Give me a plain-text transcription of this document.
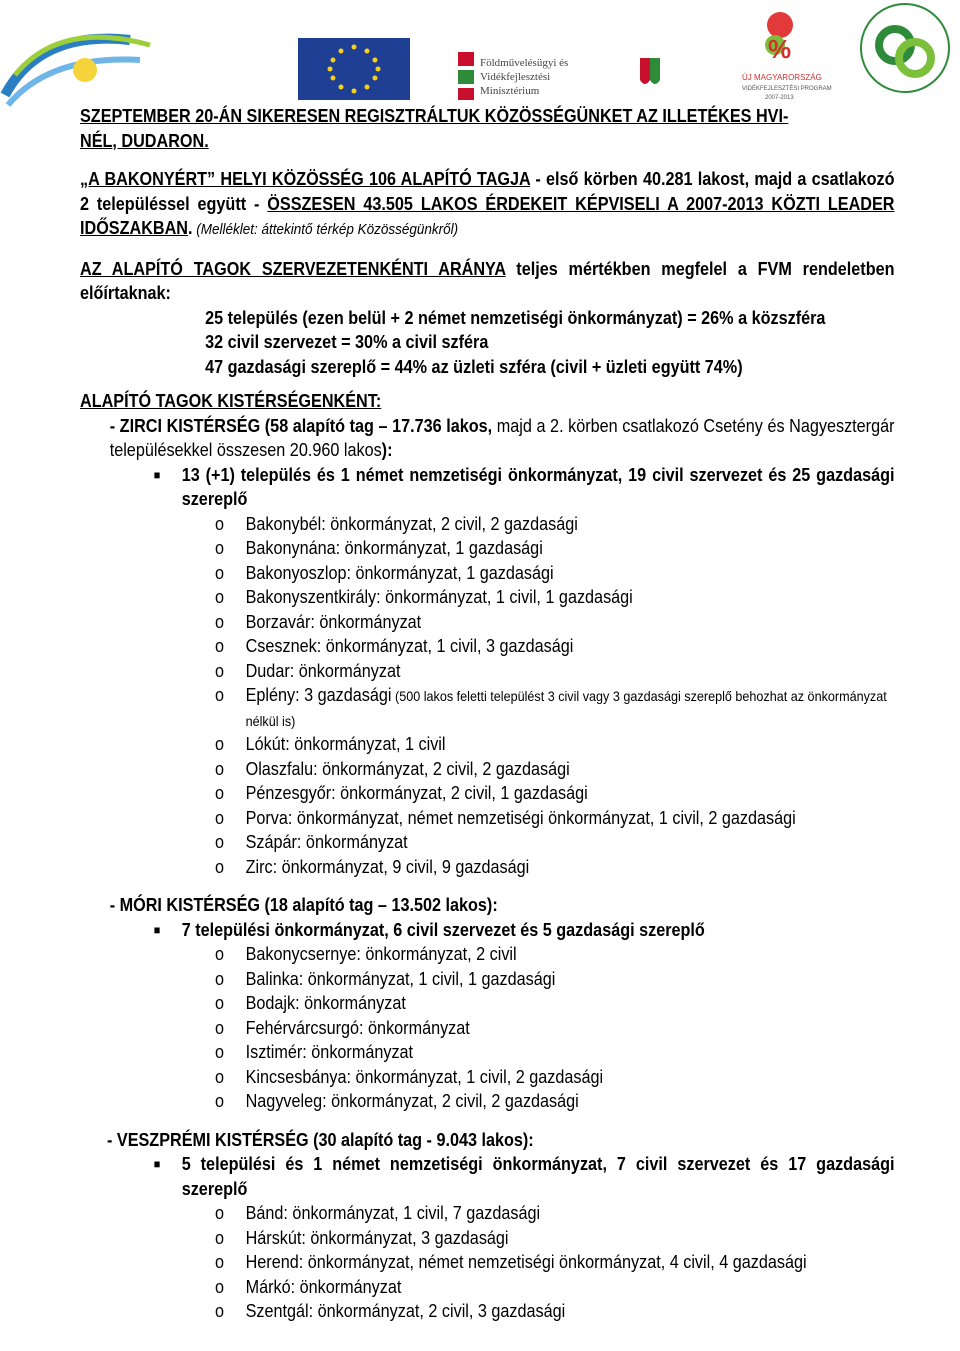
Földművelésügyi és
Vidékfejlesztési
Minisztérium
%
ÚJ MAGYARORSZÁG
VIDÉKFEJLESZTÉSI PROGRAM
2007-2013

SZEPTEMBER 20-ÁN SIKERESEN REGISZTRÁLTUK KÖZÖSSÉGÜNKET AZ ILLETÉKES HVI-

NÉL, DUDARON.

„A BAKONYÉRT” HELYI KÖZÖSSÉG 106 ALAPÍTÓ TAGJA - első körben 40.281 lakost, majd a csatlakozó 2 településsel együtt - ÖSSZESEN 43.505 LAKOS ÉRDEKEIT KÉPVISELI A 2007-2013 KÖZTI LEADER IDŐSZAKBAN. (Melléklet: áttekintő térkép Közösségünkről)

AZ ALAPÍTÓ TAGOK SZERVEZETENKÉNTI ARÁNYA teljes mértékben megfelel a FVM rendeletben előírtaknak:

25 település (ezen belül + 2 német nemzetiségi önkormányzat) = 26% a közszféra

32 civil szervezet = 30% a civil szféra

47 gazdasági szereplő = 44% az üzleti szféra (civil + üzleti együtt 74%)

ALAPÍTÓ TAGOK KISTÉRSÉGENKÉNT:

- ZIRCI KISTÉRSÉG (58 alapító tag – 17.736 lakos, majd a 2. körben csatlakozó Csetény és Nagyesztergár településekkel összesen 20.960 lakos):

■ 13 (+1) település és 1 német nemzetiségi önkormányzat, 19 civil szervezet és 25 gazdasági szereplő
o Bakonybél: önkormányzat, 2 civil, 2 gazdasági
o Bakonynána: önkormányzat, 1 gazdasági
o Bakonyoszlop: önkormányzat, 1 gazdasági
o Bakonyszentkirály: önkormányzat, 1 civil, 1 gazdasági
o Borzavár: önkormányzat
o Csesznek: önkormányzat, 1 civil, 3 gazdasági
o Dudar: önkormányzat
o Eplény: 3 gazdasági (500 lakos feletti települést 3 civil vagy 3 gazdasági szereplő behozhat az önkormányzat nélkül is)
o Lókút: önkormányzat, 1 civil
o Olaszfalu: önkormányzat, 2 civil, 2 gazdasági
o Pénzesgyőr: önkormányzat, 2 civil, 1 gazdasági
o Porva: önkormányzat, német nemzetiségi önkormányzat, 1 civil, 2 gazdasági
o Szápár: önkormányzat
o Zirc: önkormányzat, 9 civil, 9 gazdasági

- MÓRI KISTÉRSÉG (18 alapító tag – 13.502 lakos):

■ 7 települési önkormányzat, 6 civil szervezet és 5 gazdasági szereplő
o Bakonycsernye: önkormányzat, 2 civil
o Balinka: önkormányzat, 1 civil, 1 gazdasági
o Bodajk: önkormányzat
o Fehérvárcsurgó: önkormányzat
o Isztimér: önkormányzat
o Kincsesbánya: önkormányzat, 1 civil, 2 gazdasági
o Nagyveleg: önkormányzat, 2 civil, 2 gazdasági

- VESZPRÉMI KISTÉRSÉG (30 alapító tag - 9.043 lakos):

■ 5 települési és 1 német nemzetiségi önkormányzat, 7 civil szervezet és 17 gazdasági szereplő
o Bánd: önkormányzat, 1 civil, 7 gazdasági
o Hárskút: önkormányzat, 3 gazdasági
o Herend: önkormányzat, német nemzetiségi önkormányzat, 4 civil, 4 gazdasági
o Márkó: önkormányzat
o Szentgál: önkormányzat, 2 civil, 3 gazdasági
